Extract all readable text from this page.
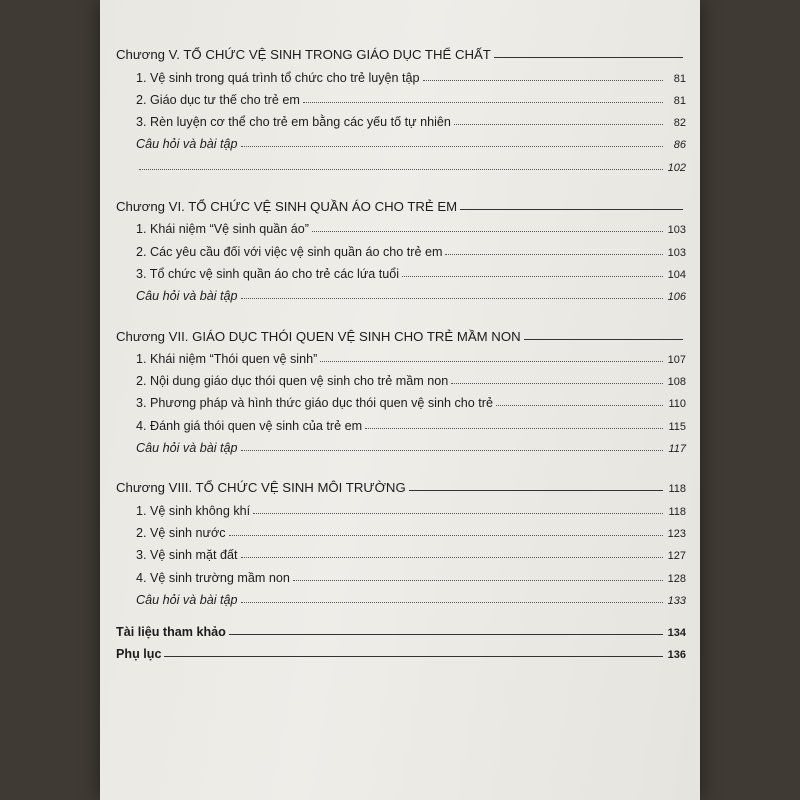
Chương V. TỔ CHỨC VỆ SINH TRONG GIÁO DỤC THỂ CHẤT
1. Vệ sinh trong quá trình tổ chức cho trẻ luyện tập	81
2. Giáo dục tư thế cho trẻ em	81
3. Rèn luyện cơ thể cho trẻ em bằng các yếu tố tự nhiên	82
Câu hỏi và bài tập	86
102
Chương VI. TỔ CHỨC VỆ SINH QUẦN ÁO CHO TRẺ EM
1. Khái niệm “Vệ sinh quần áo”	103
2. Các yêu cầu đối với việc vệ sinh quần áo cho trẻ em	103
3. Tổ chức vệ sinh quần áo cho trẻ các lứa tuổi	104
Câu hỏi và bài tập	106
Chương VII. GIÁO DỤC THÓI QUEN VỆ SINH CHO TRẺ MẦM NON
1. Khái niệm “Thói quen vệ sinh”	107
2. Nội dung giáo dục thói quen vệ sinh cho trẻ mầm non	108
3. Phương pháp và hình thức giáo dục thói quen vệ sinh cho trẻ	110
4. Đánh giá thói quen vệ sinh của trẻ em	115
Câu hỏi và bài tập	117
Chương VIII. TỔ CHỨC VỆ SINH MÔI TRƯỜNG	118
1. Vệ sinh không khí	118
2. Vệ sinh nước	123
3. Vệ sinh mặt đất	127
4. Vệ sinh trường mầm non	128
Câu hỏi và bài tập	133
Tài liệu tham khảo	134
Phụ lục	136
